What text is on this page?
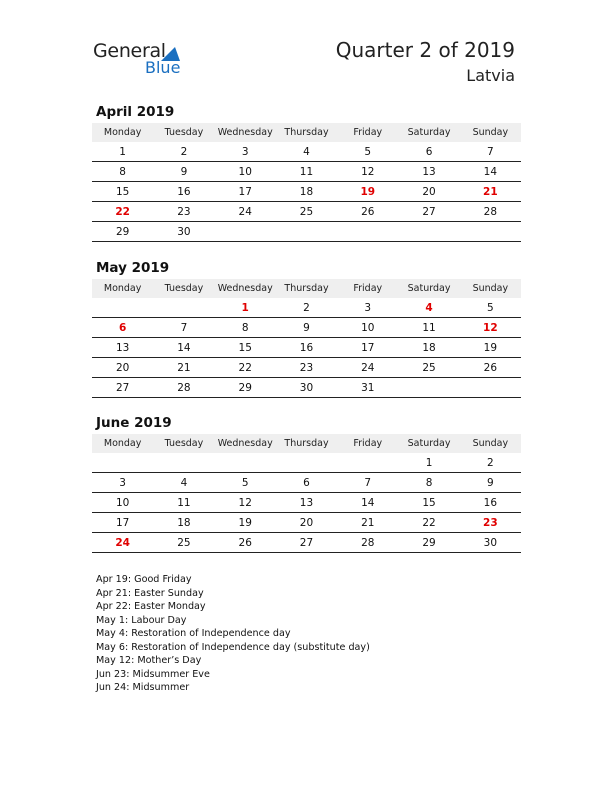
General
Blue
Quarter 2 of 2019
Latvia
April 2019
Monday	Tuesday	Wednesday	Thursday	Friday	Saturday	Sunday
1	2	3	4	5	6	7
8	9	10	11	12	13	14
15	16	17	18	19	20	21
22	23	24	25	26	27	28
29	30					
May 2019
Monday	Tuesday	Wednesday	Thursday	Friday	Saturday	Sunday
		1	2	3	4	5
6	7	8	9	10	11	12
13	14	15	16	17	18	19
20	21	22	23	24	25	26
27	28	29	30	31		
June 2019
Monday	Tuesday	Wednesday	Thursday	Friday	Saturday	Sunday
					1	2
3	4	5	6	7	8	9
10	11	12	13	14	15	16
17	18	19	20	21	22	23
24	25	26	27	28	29	30
Apr 19: Good Friday
Apr 21: Easter Sunday
Apr 22: Easter Monday
May 1: Labour Day
May 4: Restoration of Independence day
May 6: Restoration of Independence day (substitute day)
May 12: Mother’s Day
Jun 23: Midsummer Eve
Jun 24: Midsummer
